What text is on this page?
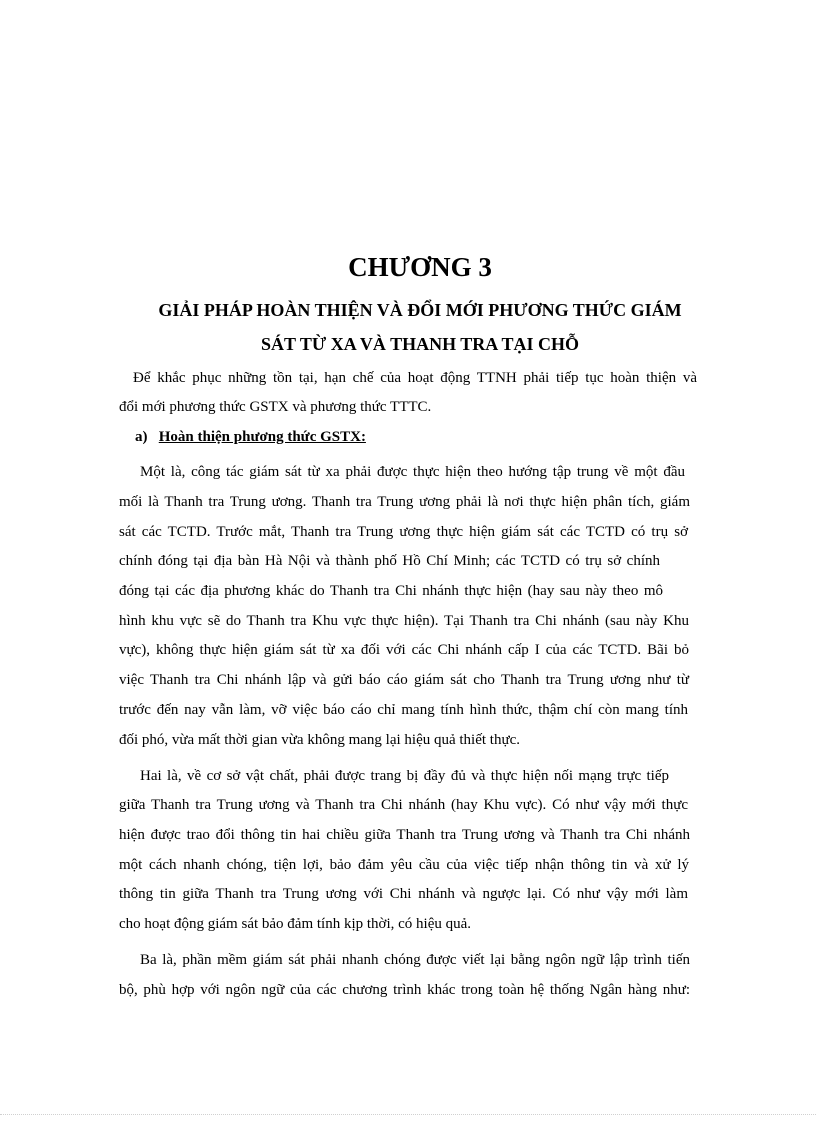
CHƯƠNG 3
GIẢI PHÁP HOÀN THIỆN VÀ ĐỔI MỚI PHƯƠNG THỨC GIÁM
SÁT TỪ XA VÀ THANH TRA TẠI CHỖ

Để khắc phục những tồn tại, hạn chế của hoạt động TTNH phải tiếp tục hoàn thiện và

đổi mới phương thức GSTX và phương thức TTTC.

a) Hoàn thiện phương thức GSTX:

Một là, công tác giám sát từ xa phải được thực hiện theo hướng tập trung về một đầu

mối là Thanh tra Trung ương. Thanh tra Trung ương phải là nơi thực hiện phân tích, giám

sát các TCTD. Trước mắt, Thanh tra Trung ương thực hiện giám sát các TCTD có trụ sở

chính đóng tại địa bàn Hà Nội và thành phố Hồ Chí Minh; các TCTD có trụ sở chính

đóng tại các địa phương khác do Thanh tra Chi nhánh thực hiện (hay sau này theo mô

hình khu vực sẽ do Thanh tra Khu vực thực hiện). Tại Thanh tra Chi nhánh (sau này Khu

vực), không thực hiện giám sát từ xa đối với các Chi nhánh cấp I của các TCTD. Bãi bỏ

việc Thanh tra Chi nhánh lập và gửi báo cáo giám sát cho Thanh tra Trung ương như từ

trước đến nay vẫn làm, vỡ việc báo cáo chỉ mang tính hình thức, thậm chí còn mang tính

đối phó, vừa mất thời gian vừa không mang lại hiệu quả thiết thực.

Hai là, về cơ sở vật chất, phải được trang bị đầy đủ và thực hiện nối mạng trực tiếp

giữa Thanh tra Trung ương và Thanh tra Chi nhánh (hay Khu vực). Có như vậy mới thực

hiện được trao đổi thông tin hai chiều giữa Thanh tra Trung ương và Thanh tra Chi nhánh

một cách nhanh chóng, tiện lợi, bảo đảm yêu cầu của việc tiếp nhận thông tin và xử lý

thông tin giữa Thanh tra Trung ương với Chi nhánh và ngược lại. Có như vậy mới làm

cho hoạt động giám sát bảo đảm tính kịp thời, có hiệu quả.

Ba là, phần mềm giám sát phải nhanh chóng được viết lại bằng ngôn ngữ lập trình tiến

bộ, phù hợp với ngôn ngữ của các chương trình khác trong toàn hệ thống Ngân hàng như:
